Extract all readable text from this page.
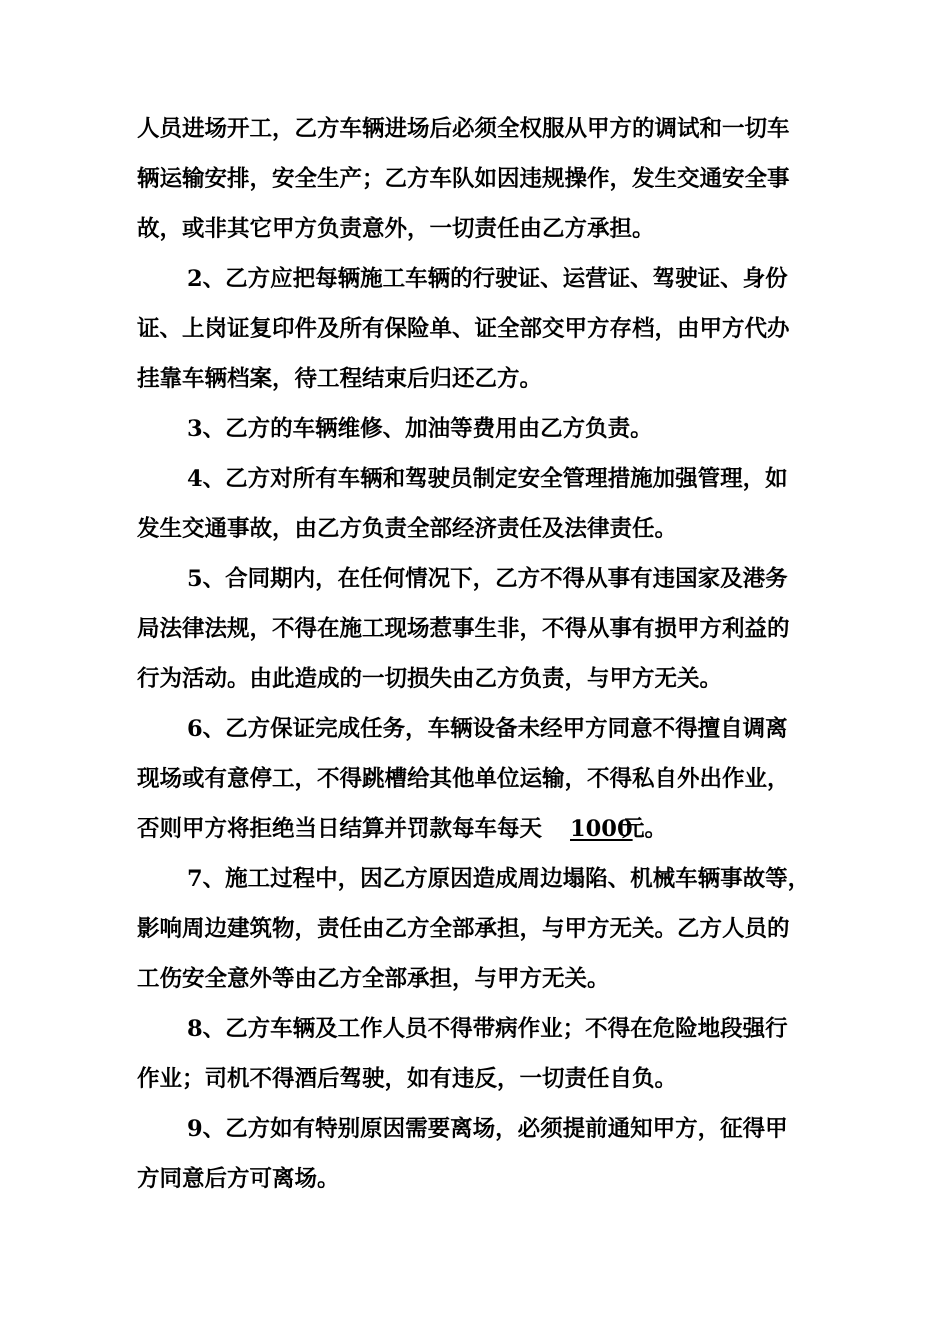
人员进场开工，乙方车辆进场后必须全权服从甲方的调试和一切车
辆运输安排，安全生产；乙方车队如因违规操作，发生交通安全事
故，或非其它甲方负责意外，一切责任由乙方承担。
2、乙方应把每辆施工车辆的行驶证、运营证、驾驶证、身份
证、上岗证复印件及所有保险单、证全部交甲方存档，由甲方代办
挂靠车辆档案，待工程结束后归还乙方。
3、乙方的车辆维修、加油等费用由乙方负责。
4、乙方对所有车辆和驾驶员制定安全管理措施加强管理，如
发生交通事故，由乙方负责全部经济责任及法律责任。
5、合同期内，在任何情况下，乙方不得从事有违国家及港务
局法律法规，不得在施工现场惹事生非，不得从事有损甲方利益的
行为活动。由此造成的一切损失由乙方负责，与甲方无关。
6、乙方保证完成任务，车辆设备未经甲方同意不得擅自调离
现场或有意停工，不得跳槽给其他单位运输，不得私自外出作业，
否则甲方将拒绝当日结算并罚款每车每天 1000
元。
7、施工过程中，因乙方原因造成周边塌陷、机械车辆事故等，
影响周边建筑物，责任由乙方全部承担，与甲方无关。乙方人员的
工伤安全意外等由乙方全部承担，与甲方无关。
8、乙方车辆及工作人员不得带病作业；不得在危险地段强行
作业；司机不得酒后驾驶，如有违反，一切责任自负。
9、乙方如有特别原因需要离场，必须提前通知甲方，征得甲
方同意后方可离场。
